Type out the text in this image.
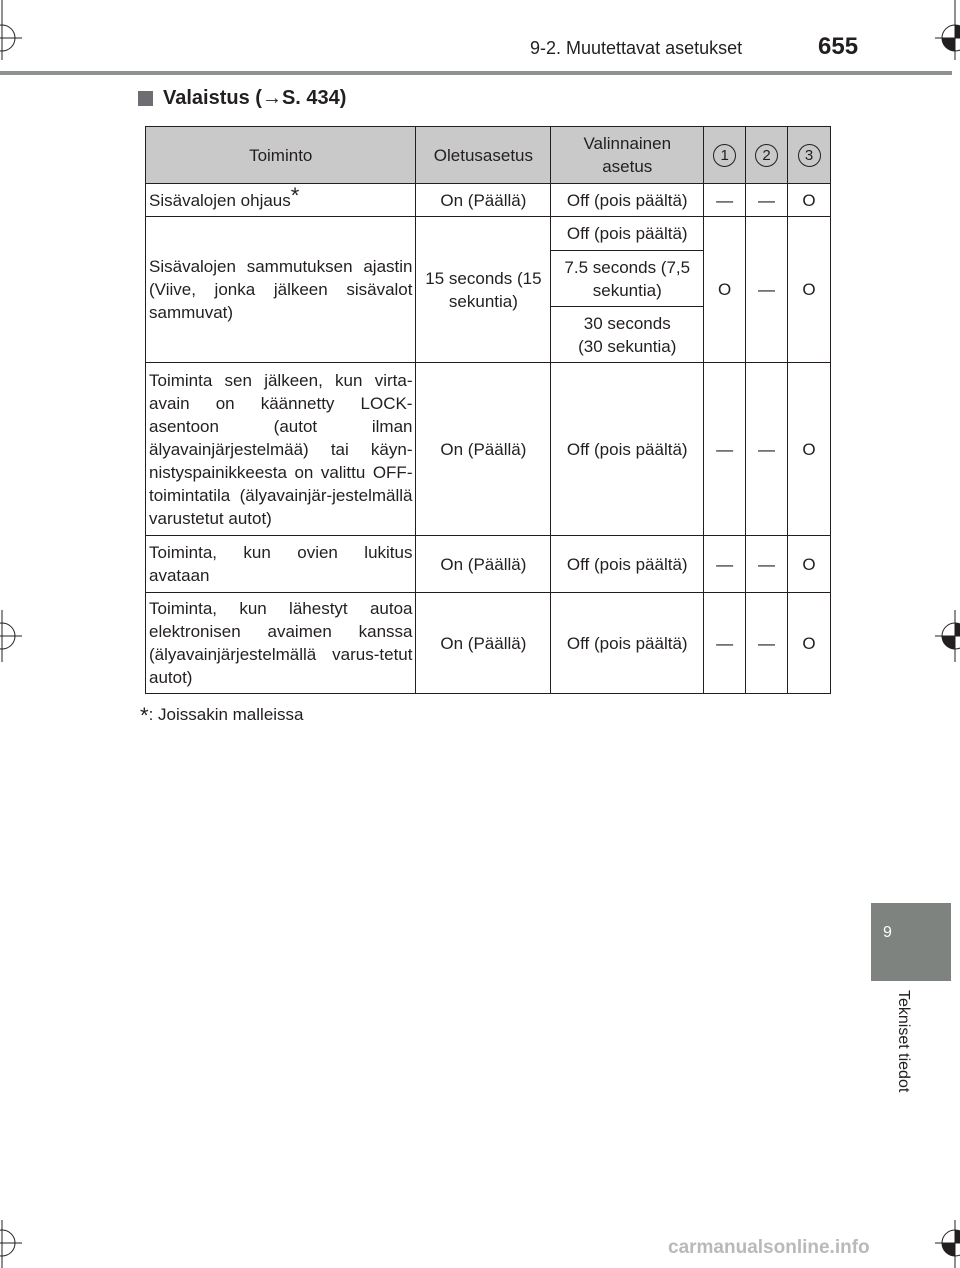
9-2. Muutettavat asetukset	655
9
Tekniset tiedot
Valaistus ( → S. 434)
Toiminto	Oletusasetus	Valinnainen asetus	1	2	3
Sisävalojen ohjaus*	On (Päällä)	Off (pois päältä)	—	—	O
Sisävalojen sammutuksen ajastin (Viive, jonka jälkeen sisävalot sammuvat)	15 seconds (15 sekuntia)	Off (pois päältä)	O	—	O
		7.5 seconds (7,5 sekuntia)			
		30 seconds (30 sekuntia)			
Toiminta sen jälkeen, kun virta-avain on käännetty LOCK-asentoon (autot ilman älyavainjärjestelmää) tai käyn-nistyspainikkeesta on valittu OFF-toimintatila (älyavainjär-jestelmällä varustetut autot)	On (Päällä)	Off (pois päältä)	—	—	O
Toiminta, kun ovien lukitus avataan	On (Päällä)	Off (pois päältä)	—	—	O
Toiminta, kun lähestyt autoa elektronisen avaimen kanssa (älyavainjärjestelmällä varus-tetut autot)	On (Päällä)	Off (pois päältä)	—	—	O
*: Joissakin malleissa
carmanualsonline.info
